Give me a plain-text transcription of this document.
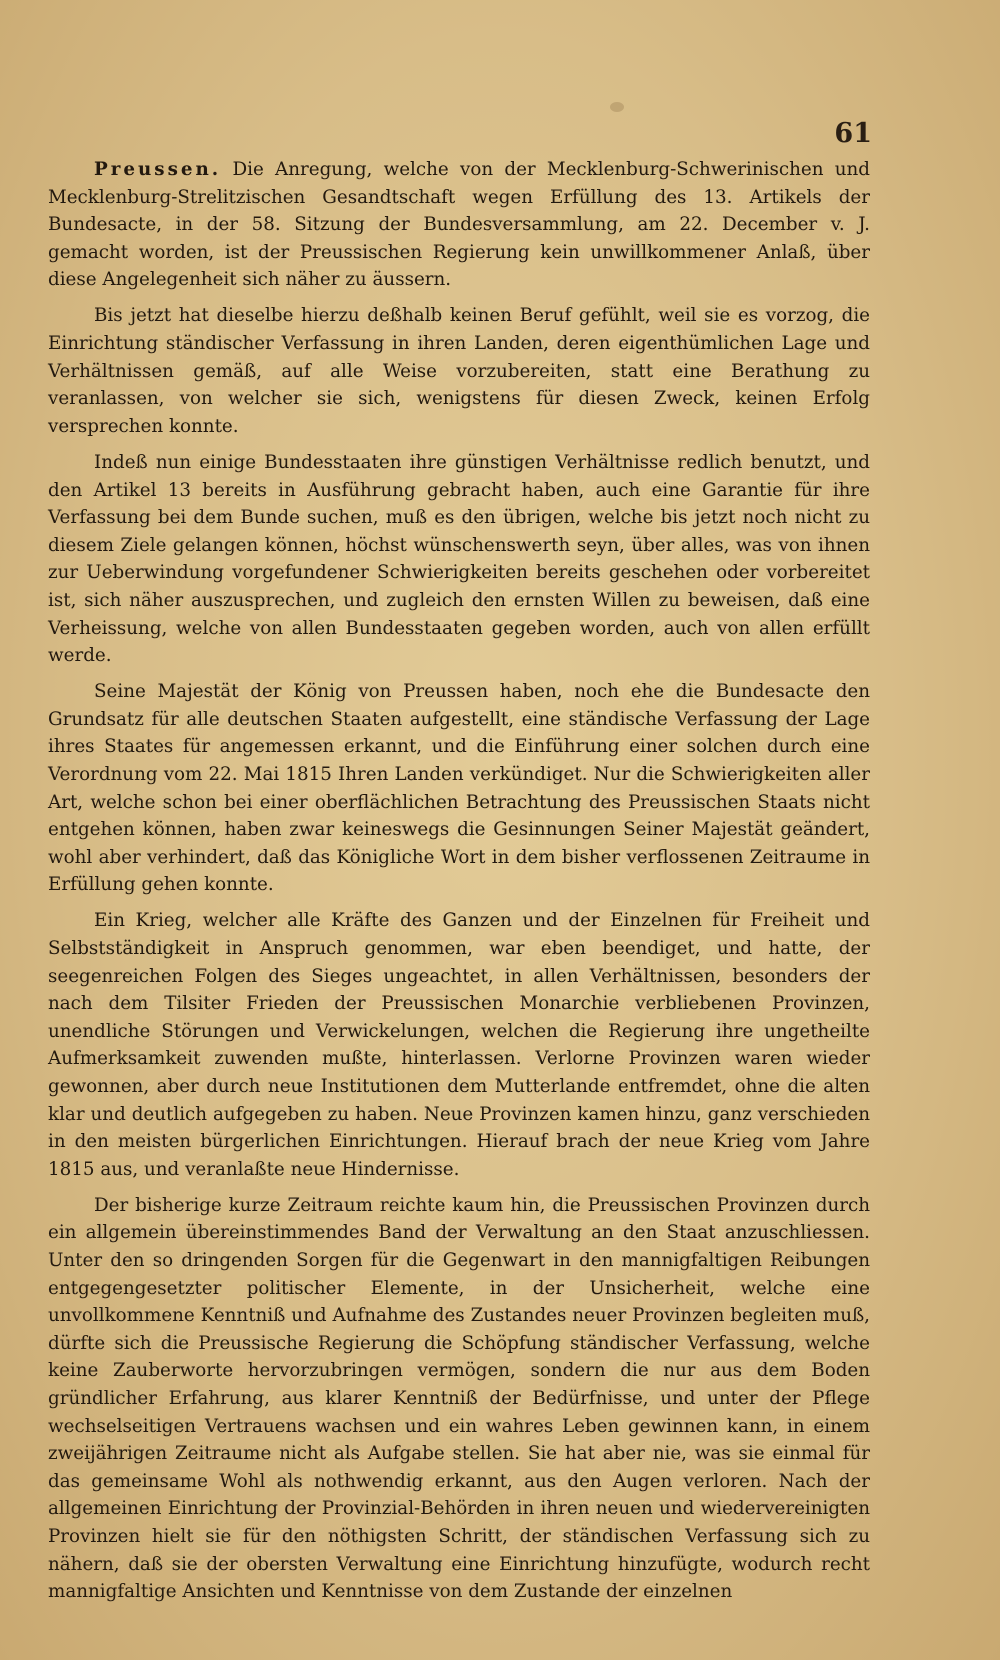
61

Preussen. Die Anregung, welche von der Mecklenburg-Schwerinischen und Mecklenburg-Strelitzischen Gesandtschaft wegen Erfüllung des 13. Artikels der Bundesacte, in der 58. Sitzung der Bundesversammlung, am 22. December v. J. gemacht worden, ist der Preussischen Regierung kein unwillkommener Anlaß, über diese Angelegenheit sich näher zu äussern.

Bis jetzt hat dieselbe hierzu deßhalb keinen Beruf gefühlt, weil sie es vorzog, die Einrichtung ständischer Verfassung in ihren Landen, deren eigenthümlichen Lage und Verhältnissen gemäß, auf alle Weise vorzubereiten, statt eine Berathung zu veranlassen, von welcher sie sich, wenigstens für diesen Zweck, keinen Erfolg versprechen konnte.

Indeß nun einige Bundesstaaten ihre günstigen Verhältnisse redlich benutzt, und den Artikel 13 bereits in Ausführung gebracht haben, auch eine Garantie für ihre Verfassung bei dem Bunde suchen, muß es den übrigen, welche bis jetzt noch nicht zu diesem Ziele gelangen können, höchst wünschenswerth seyn, über alles, was von ihnen zur Ueberwindung vorgefundener Schwierigkeiten bereits geschehen oder vorbereitet ist, sich näher auszusprechen, und zugleich den ernsten Willen zu beweisen, daß eine Verheissung, welche von allen Bundesstaaten gegeben worden, auch von allen erfüllt werde.

Seine Majestät der König von Preussen haben, noch ehe die Bundesacte den Grundsatz für alle deutschen Staaten aufgestellt, eine ständische Verfassung der Lage ihres Staates für angemessen erkannt, und die Einführung einer solchen durch eine Verordnung vom 22. Mai 1815 Ihren Landen verkündiget. Nur die Schwierigkeiten aller Art, welche schon bei einer oberflächlichen Betrachtung des Preussischen Staats nicht entgehen können, haben zwar keineswegs die Gesinnungen Seiner Majestät geändert, wohl aber verhindert, daß das Königliche Wort in dem bisher verflossenen Zeitraume in Erfüllung gehen konnte.

Ein Krieg, welcher alle Kräfte des Ganzen und der Einzelnen für Freiheit und Selbstständigkeit in Anspruch genommen, war eben beendiget, und hatte, der seegenreichen Folgen des Sieges ungeachtet, in allen Verhältnissen, besonders der nach dem Tilsiter Frieden der Preussischen Monarchie verbliebenen Provinzen, unendliche Störungen und Verwickelungen, welchen die Regierung ihre ungetheilte Aufmerksamkeit zuwenden mußte, hinterlassen. Verlorne Provinzen waren wieder gewonnen, aber durch neue Institutionen dem Mutterlande entfremdet, ohne die alten klar und deutlich aufgegeben zu haben. Neue Provinzen kamen hinzu, ganz verschieden in den meisten bürgerlichen Einrichtungen. Hierauf brach der neue Krieg vom Jahre 1815 aus, und veranlaßte neue Hindernisse.

Der bisherige kurze Zeitraum reichte kaum hin, die Preussischen Provinzen durch ein allgemein übereinstimmendes Band der Verwaltung an den Staat anzuschliessen. Unter den so dringenden Sorgen für die Gegenwart in den mannigfaltigen Reibungen entgegengesetzter politischer Elemente, in der Unsicherheit, welche eine unvollkommene Kenntniß und Aufnahme des Zustandes neuer Provinzen begleiten muß, dürfte sich die Preussische Regierung die Schöpfung ständischer Verfassung, welche keine Zauberworte hervorzubringen vermögen, sondern die nur aus dem Boden gründlicher Erfahrung, aus klarer Kenntniß der Bedürfnisse, und unter der Pflege wechselseitigen Vertrauens wachsen und ein wahres Leben gewinnen kann, in einem zweijährigen Zeitraume nicht als Aufgabe stellen. Sie hat aber nie, was sie einmal für das gemeinsame Wohl als nothwendig erkannt, aus den Augen verloren. Nach der allgemeinen Einrichtung der Provinzial-Behörden in ihren neuen und wiedervereinigten Provinzen hielt sie für den nöthigsten Schritt, der ständischen Verfassung sich zu nähern, daß sie der obersten Verwaltung eine Einrichtung hinzufügte, wodurch recht mannigfaltige Ansichten und Kenntnisse von dem Zustande der einzelnen
